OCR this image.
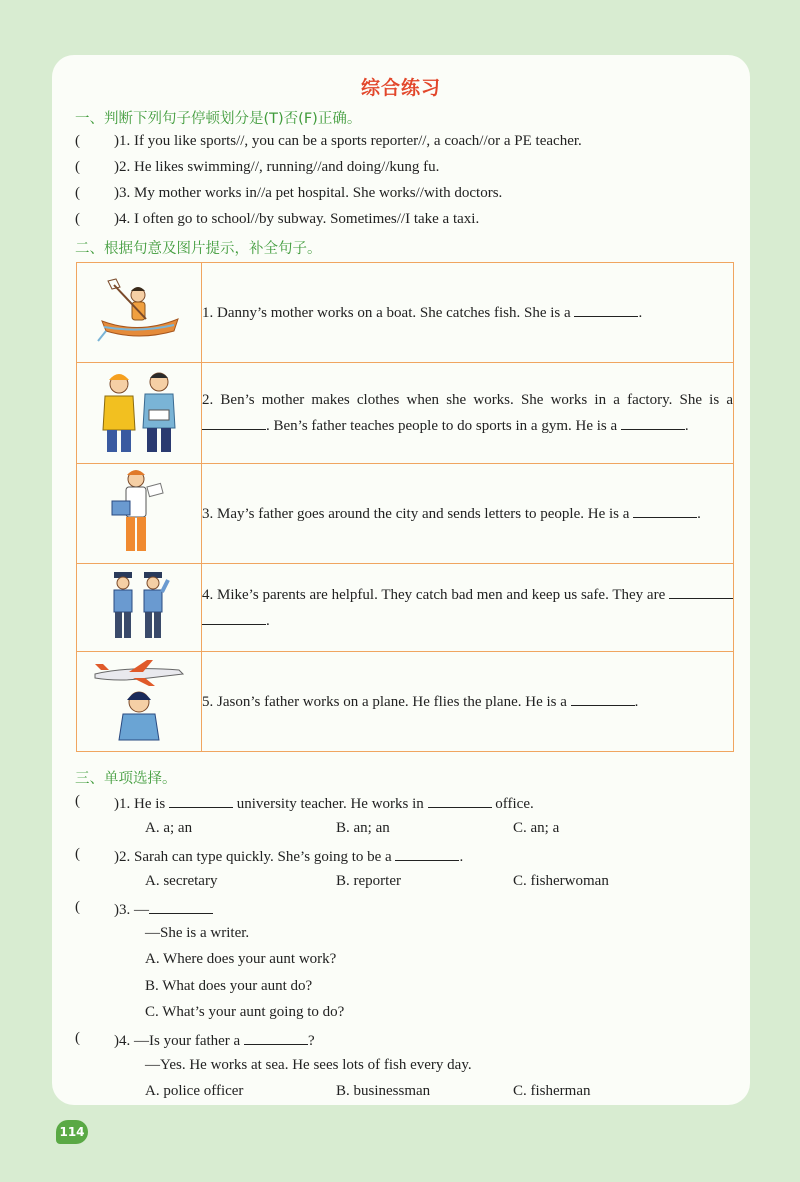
综合练习
一、判断下列句子停顿划分是(T)否(F)正确。
( )1. If you like sports//, you can be a sports reporter//, a coach//or a PE teacher.
( )2. He likes swimming//, running//and doing//kung fu.
( )3. My mother works in//a pet hospital. She works//with doctors.
( )4. I often go to school//by subway. Sometimes//I take a taxi.
二、根据句意及图片提示，补全句子。
	1. Danny’s mother works on a boat. She catches fish. She is a .
	2. Ben’s mother makes clothes when she works. She works in a factory. She is a . Ben’s father teaches people to do sports in a gym. He is a .
	3. May’s father goes around the city and sends letters to people. He is a .
	4. Mike’s parents are helpful. They catch bad men and keep us safe. They are  .
	5. Jason’s father works on a plane. He flies the plane. He is a .
三、单项选择。
( )1. He is	university teacher. He works in	office.
A. a; an	B. an; an	C. an; a
( )2. Sarah can type quickly. She’s going to be a	.
A. secretary	B. reporter	C. fisherwoman
( )3. —
—She is a writer.
A. Where does your aunt work?
B. What does your aunt do?
C. What’s your aunt going to do?
( )4. —Is your father a	?
—Yes. He works at sea. He sees lots of fish every day.
A. police officer	B. businessman	C. fisherman
114
